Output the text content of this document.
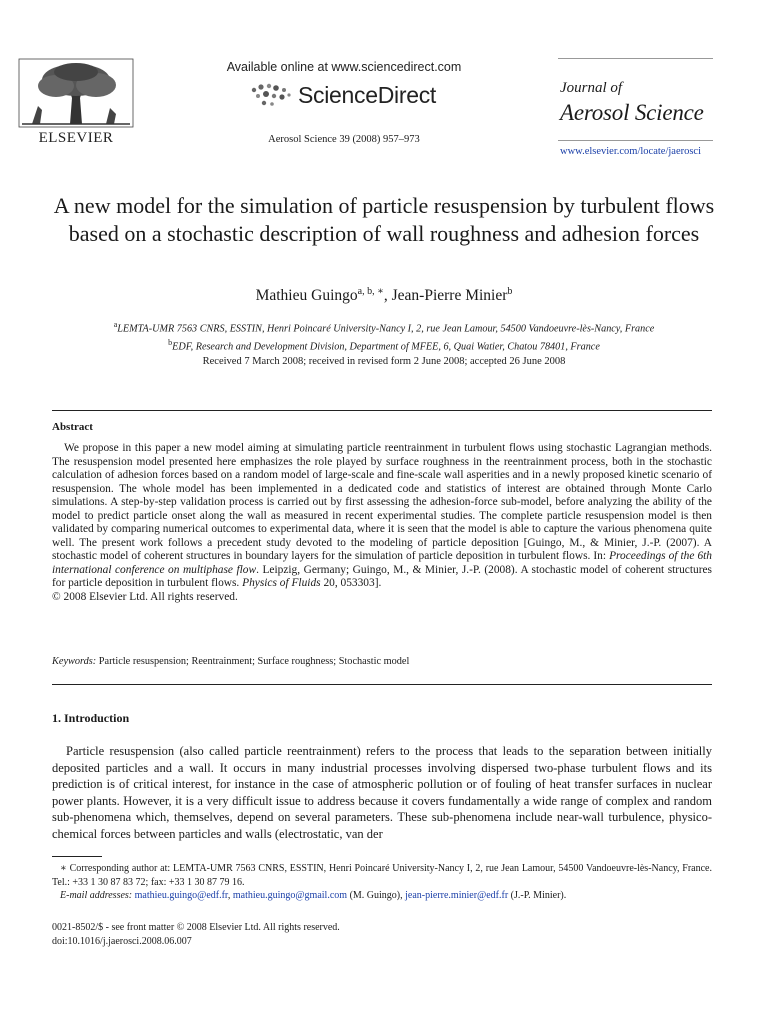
ELSEVIER
Available online at www.sciencedirect.com
ScienceDirect
Aerosol Science 39 (2008) 957–973
Journal of
Aerosol Science
www.elsevier.com/locate/jaerosci
A new model for the simulation of particle resuspension by turbulent flows based on a stochastic description of wall roughness and adhesion forces
Mathieu Guingo$^{a, b, ∗}$, Jean-Pierre Minier$^b$
$^a$LEMTA-UMR 7563 CNRS, ESSTIN, Henri Poincaré University-Nancy I, 2, rue Jean Lamour, 54500 Vandoeuvre-lès-Nancy, France
$^b$EDF, Research and Development Division, Department of MFEE, 6, Quai Watier, Chatou 78401, France
Received 7 March 2008; received in revised form 2 June 2008; accepted 26 June 2008
Abstract

We propose in this paper a new model aiming at simulating particle reentrainment in turbulent flows using stochastic Lagrangian methods. The resuspension model presented here emphasizes the role played by surface roughness in the reentrainment process, both in the stochastic calculation of adhesion forces based on a random model of large-scale and fine-scale wall asperities and in a newly proposed kinetic scenario of resuspension. The whole model has been implemented in a dedicated code and statistics of interest are obtained through Monte Carlo simulations. A step-by-step validation process is carried out by first assessing the adhesion-force sub-model, before analyzing the ability of the model to predict particle onset along the wall as measured in recent experimental studies. The complete particle resuspension model is then validated by comparing numerical outcomes to experimental data, where it is seen that the model is able to capture the various phenomena quite well. The present work follows a precedent study devoted to the modeling of particle deposition [Guingo, M., & Minier, J.-P. (2007). A stochastic model of coherent structures in boundary layers for the simulation of particle deposition in turbulent flows. In: Proceedings of the 6th international conference on multiphase flow. Leipzig, Germany; Guingo, M., & Minier, J.-P. (2008). A stochastic model of coherent structures for particle deposition in turbulent flows. Physics of Fluids 20, 053303].

© 2008 Elsevier Ltd. All rights reserved.

Keywords: Particle resuspension; Reentrainment; Surface roughness; Stochastic model
1. Introduction

Particle resuspension (also called particle reentrainment) refers to the process that leads to the separation between initially deposited particles and a wall. It occurs in many industrial processes involving dispersed two-phase turbulent flows and its prediction is of critical interest, for instance in the case of atmospheric pollution or of fouling of heat transfer surfaces in nuclear power plants. However, it is a very difficult issue to address because it covers fundamentally a wide range of complex and random sub-phenomena which, themselves, depend on several parameters. These sub-phenomena include near-wall turbulence, physico-chemical forces between particles and walls (electrostatic, van der

∗ Corresponding author at: LEMTA-UMR 7563 CNRS, ESSTIN, Henri Poincaré University-Nancy I, 2, rue Jean Lamour, 54500 Vandoeuvre-lès-Nancy, France. Tel.: +33 1 30 87 83 72; fax: +33 1 30 87 79 16.
E-mail addresses: mathieu.guingo@edf.fr, mathieu.guingo@gmail.com (M. Guingo), jean-pierre.minier@edf.fr (J.-P. Minier).
0021-8502/$ - see front matter © 2008 Elsevier Ltd. All rights reserved.
doi:10.1016/j.jaerosci.2008.06.007
